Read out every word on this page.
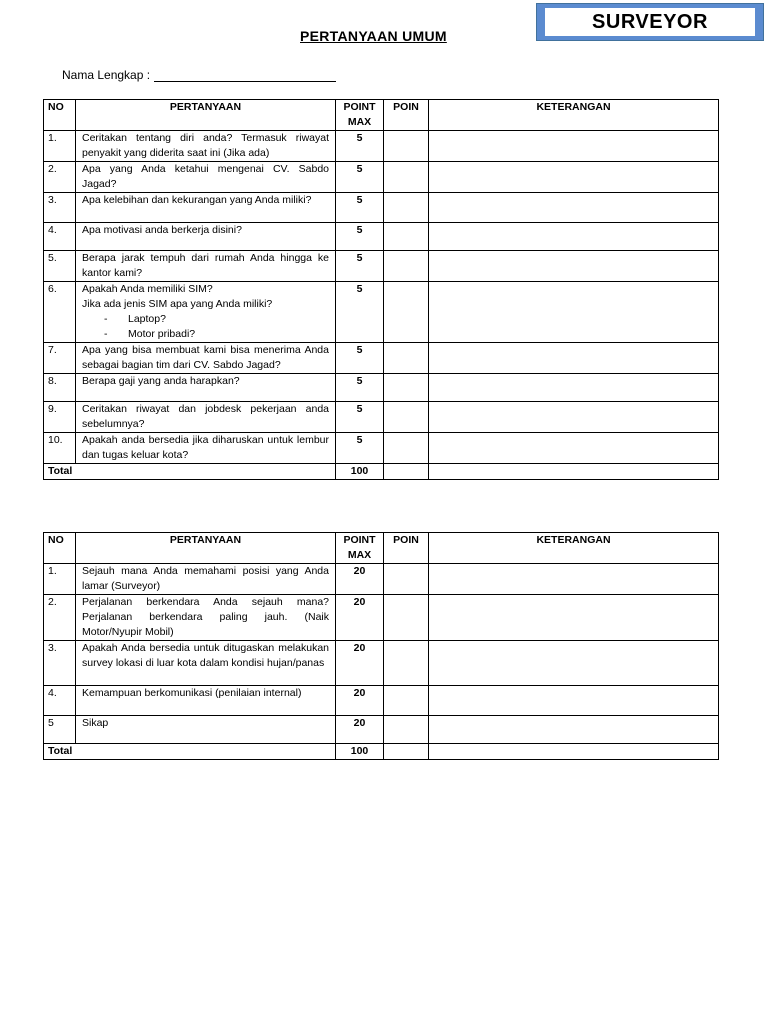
SURVEYOR
PERTANYAAN UMUM
Nama Lengkap :
NO	PERTANYAAN	POINT MAX	POIN	KETERANGAN
1.	Ceritakan tentang diri anda? Termasuk riwayat penyakit yang diderita saat ini (Jika ada)	5		
2.	Apa yang Anda ketahui mengenai CV. Sabdo Jagad?	5		
3.	Apa kelebihan dan kekurangan yang Anda miliki?	5		
4.	Apa motivasi anda berkerja disini?	5		
5.	Berapa jarak tempuh dari rumah Anda hingga ke kantor kami?	5		
6.	Apakah Anda memiliki SIM?
Jika ada jenis SIM apa yang Anda miliki?
- Laptop?
- Motor pribadi?	5		
7.	Apa yang bisa membuat kami bisa menerima Anda sebagai bagian tim dari CV. Sabdo Jagad?	5		
8.	Berapa gaji yang anda harapkan?	5		
9.	Ceritakan riwayat dan jobdesk pekerjaan anda sebelumnya?	5		
10.	Apakah anda bersedia jika diharuskan untuk lembur dan tugas keluar kota?	5		
Total		100		
NO	PERTANYAAN	POINT MAX	POIN	KETERANGAN
1.	Sejauh mana Anda memahami posisi yang Anda lamar (Surveyor)	20		
2.	Perjalanan berkendara Anda sejauh mana? Perjalanan berkendara paling jauh. (Naik Motor/Nyupir Mobil)	20		
3.	Apakah Anda bersedia untuk ditugaskan melakukan survey lokasi di luar kota dalam kondisi hujan/panas	20		
4.	Kemampuan berkomunikasi (penilaian internal)	20		
5	Sikap	20		
Total		100		
